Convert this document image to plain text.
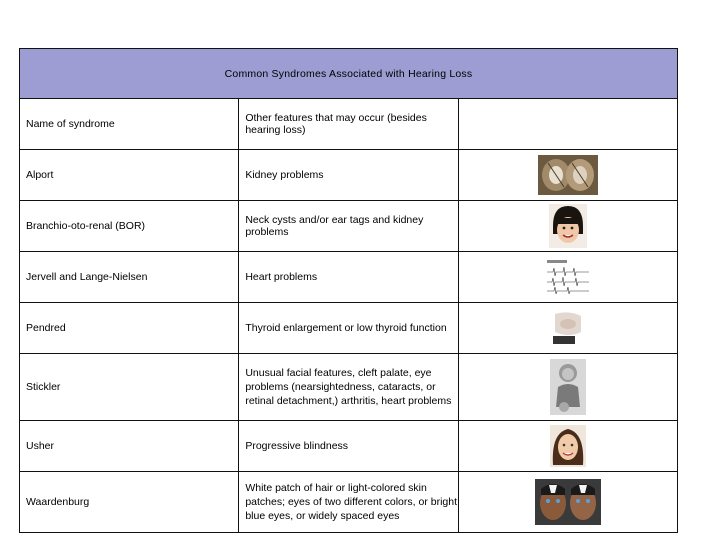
Common Syndromes Associated with Hearing Loss		
Name of syndrome	Other features that may occur (besides hearing loss)	
Alport	Kidney problems	
Branchio-oto-renal (BOR)	Neck cysts and/or ear tags and kidney problems	
Jervell and Lange-Nielsen	Heart problems	
Pendred	Thyroid enlargement or low thyroid function	
Stickler	Unusual facial features, cleft palate, eye problems (nearsightedness, cataracts, or retinal detachment,) arthritis, heart problems

Usher	Progressive blindness	
Waardenburg	White patch of hair or light-colored skin patches; eyes of two different colors, or bright blue eyes, or widely spaced eyes
